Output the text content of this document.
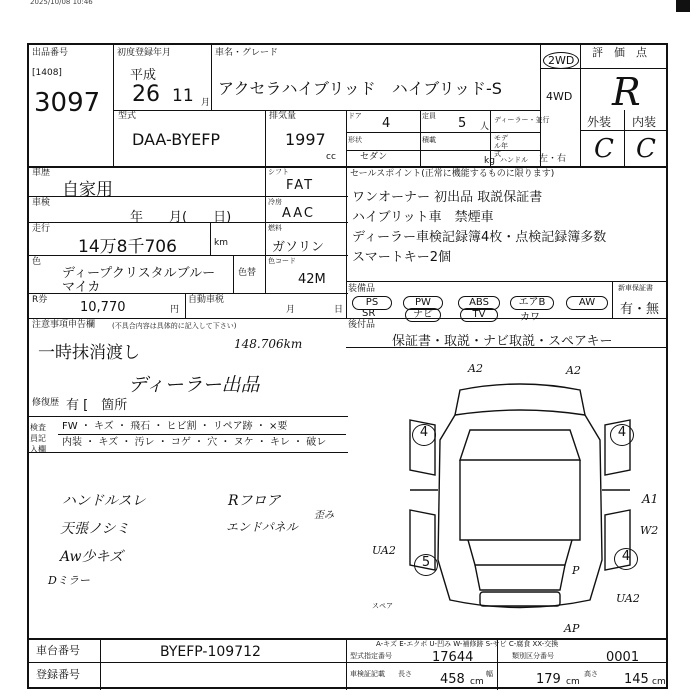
2025/10/08 10:46
出品番号
[1408]
3097
初度登録年月
平成
26 11 月
車名・グレード
アクセラハイブリッド　ハイブリッド-S
2WD
4WD
評　価　点
R
型式
DAA-BYEFP
排気量
1997
cc
ドア 4	定員 5 人
ディーラー・並行
モデル年式
形状
セダン
積載
kg ハンドル 左・右
外装 内装
C C
車歴
自家用
車検
年　　月(　　日)
走行
14万8千706	km
色
ディープクリスタルブルー
マイカ
色替
シフト
FAT
冷房
AAC
燃料
ガソリン
色コード
42M
R券	10,770	円
自動車税
月	日
セールスポイント(正常に機能するものに限ります)
ワンオーナー 初出品 取説保証書
ハイブリット車　禁煙車
ディーラー車検記録簿4枚・点検記録簿多数
スマートキー2個
装備品
PS	PW	ABS	エアB	AW
SR	ナビ	TV	カワ
新車保証書
有・無
後付品
保証書・取説・ナビ取説・スペアキー
注意事項申告欄 (不具合内容は具体的に記入して下さい)
一時抹消渡し	148.706km
ディーラー出品
修復歴 有 [　箇所
検査員記入欄
FW ・ キズ ・ 飛石 ・ ヒビ割 ・ リペア跡 ・ ×要
内装 ・ キズ ・ 汚レ ・ コゲ ・ 穴 ・ ヌケ ・ キレ ・ 破レ
ハンドルスレ
天張ノシミ
Aw少キズ
Dミラー
Rフロア
エンドパネル
歪み
4	4
4
5
A2	A2
A1
W2
UA2
P
UA2
AP
スペア
A-キズ E-エクボ U-凹み W-補修跡 S-サビ C-腐食 XX-交換
車台番号	BYEFP-109712
登録番号
型式指定番号	17644	類別区分番号	0001
車検証記載 長さ 458 cm
幅	179 cm
高さ 145 cm
